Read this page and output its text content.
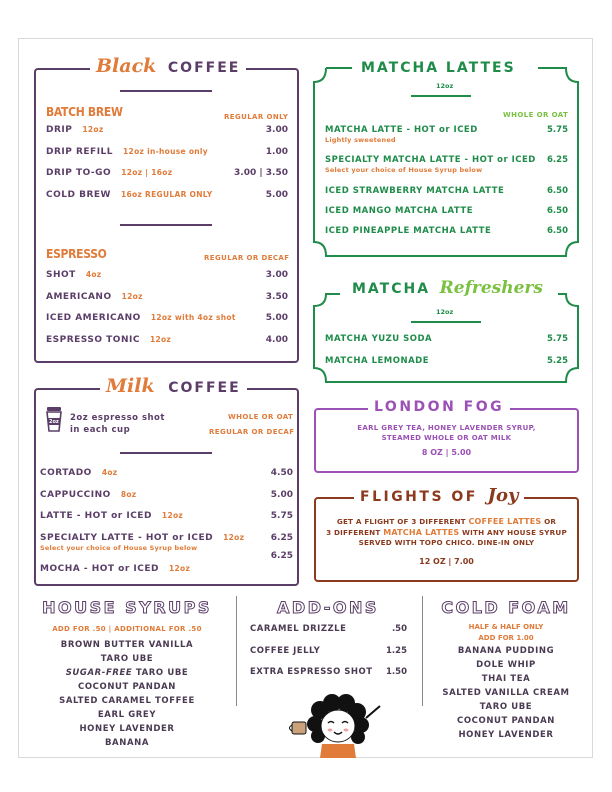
Black COFFEE
BATCH BREW	REGULAR ONLY
DRIP 12oz	3.00
DRIP REFILL 12oz in-house only	1.00
DRIP TO-GO 12oz | 16oz	3.00 | 3.50
COLD BREW 16oz REGULAR ONLY	5.00
ESPRESSO	REGULAR OR DECAF
SHOT 4oz	3.00
AMERICANO 12oz	3.50
ICED AMERICANO 12oz with 4oz shot	5.00
ESPRESSO TONIC 12oz	4.00
Milk COFFEE
2oz 2oz espresso shot
in each cup
WHOLE OR OAT
REGULAR OR DECAF
CORTADO 4oz	4.50
CAPPUCCINO 8oz	5.00
LATTE - HOT or ICED 12oz	5.75
SPECIALTY LATTE - HOT or ICED 12oz
Select your choice of House Syrup below
6.25
MOCHA - HOT or ICED 12oz
6.25
MATCHA LATTES
12oz
WHOLE OR OAT
MATCHA LATTE - HOT or ICED
Lightly sweetened
5.75
SPECIALTY MATCHA LATTE - HOT or ICED
Select your choice of House Syrup below
6.25
ICED STRAWBERRY MATCHA LATTE	6.50
ICED MANGO MATCHA LATTE	6.50
ICED PINEAPPLE MATCHA LATTE	6.50
MATCHA Refreshers
12oz
MATCHA YUZU SODA	5.75
MATCHA LEMONADE	5.25
LONDON FOG
EARL GREY TEA, HONEY LAVENDER SYRUP,
STEAMED WHOLE OR OAT MILK
8 OZ | 5.00
FLIGHTS OF Joy
GET A FLIGHT OF 3 DIFFERENT COFFEE LATTES OR
3 DIFFERENT MATCHA LATTES WITH ANY HOUSE SYRUP
SERVED WITH TOPO CHICO. DINE-IN ONLY
12 OZ | 7.00
HOUSE SYRUPS
ADD FOR .50 | ADDITIONAL FOR .50
BROWN BUTTER VANILLA
TARO UBE
SUGAR-FREE TARO UBE
COCONUT PANDAN
SALTED CARAMEL TOFFEE
EARL GREY
HONEY LAVENDER
BANANA
ADD-ONS
CARAMEL DRIZZLE	.50
COFFEE JELLY	1.25
EXTRA ESPRESSO SHOT 1.50
COLD FOAM
HALF & HALF ONLY
ADD FOR 1.00
BANANA PUDDING
DOLE WHIP
THAI TEA
SALTED VANILLA CREAM
TARO UBE
COCONUT PANDAN
HONEY LAVENDER
